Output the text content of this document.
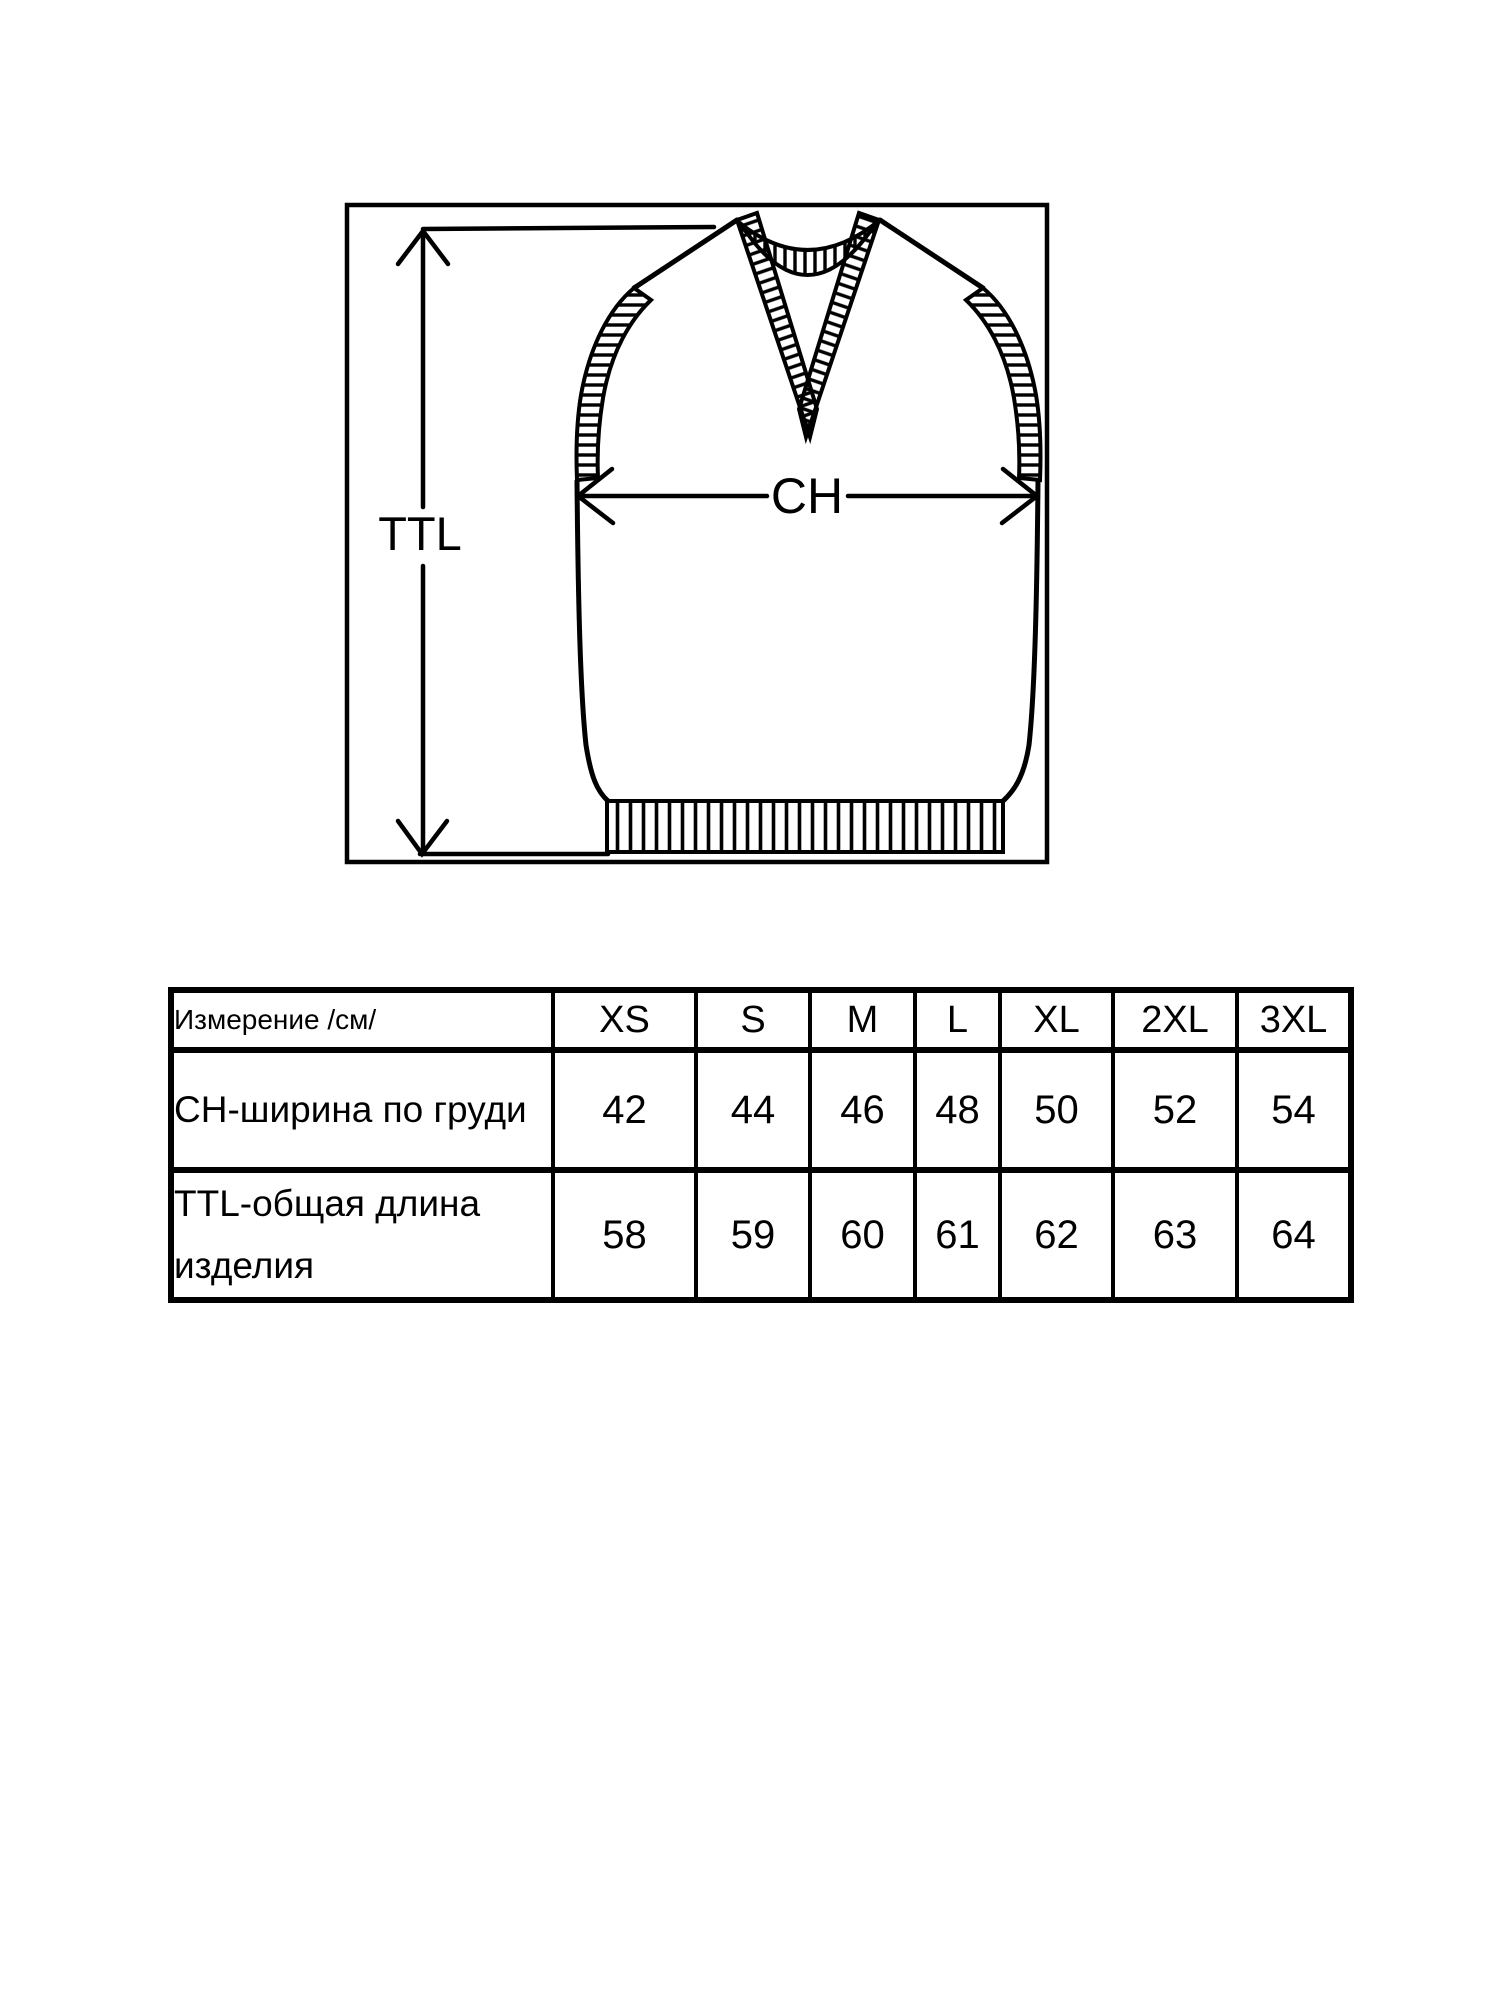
TTL
CH
Измерение /см/	XS	S	M	L	XL	2XL	3XL
CH-ширина по груди	42	44	46	48	50	52	54
TTL-общая длина изделия	58	59	60	61	62	63	64
